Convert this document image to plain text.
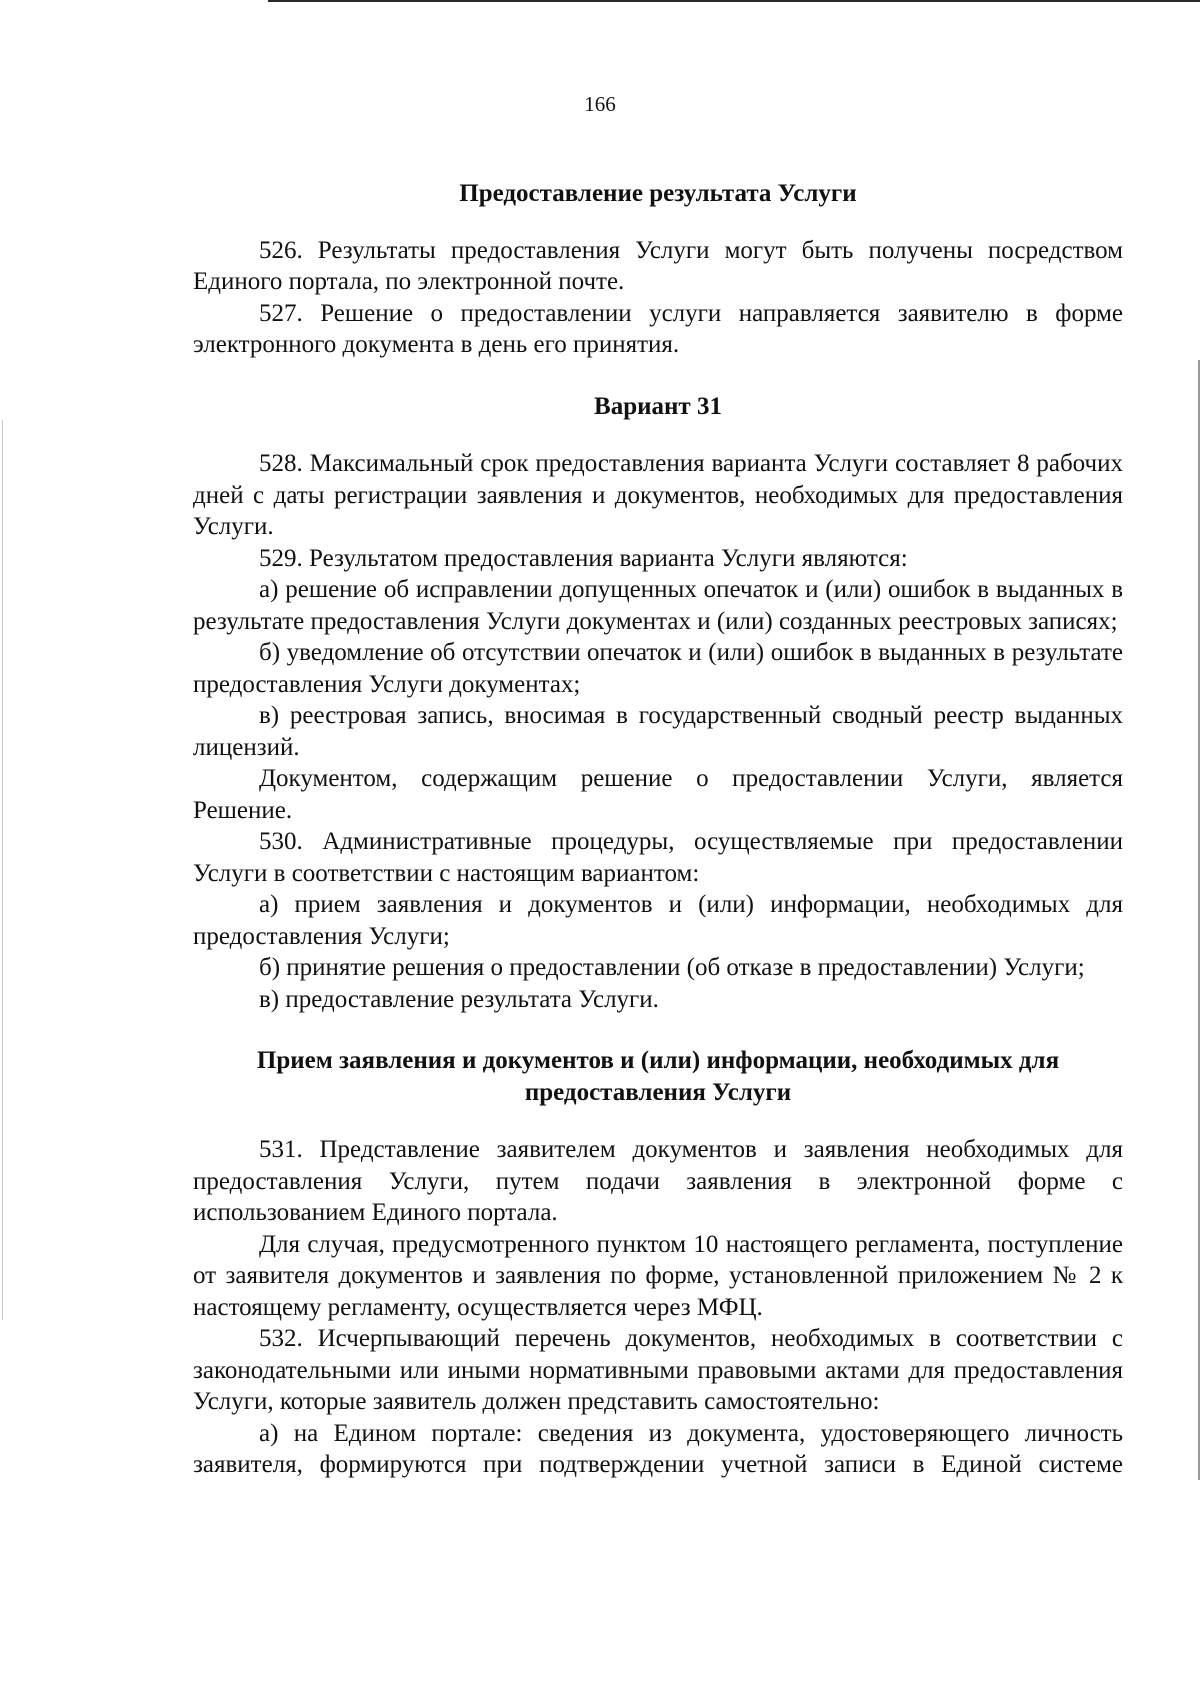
166
Предоставление результата Услуги

526. Результаты предоставления Услуги могут быть получены посредством Единого портала, по электронной почте.

527. Решение о предоставлении услуги направляется заявителю в форме электронного документа в день его принятия.

Вариант 31

528. Максимальный срок предоставления варианта Услуги составляет 8 рабочих дней с даты регистрации заявления и документов, необходимых для предоставления Услуги.

529. Результатом предоставления варианта Услуги являются:

а) решение об исправлении допущенных опечаток и (или) ошибок в выданных в результате предоставления Услуги документах и (или) созданных реестровых записях;

б) уведомление об отсутствии опечаток и (или) ошибок в выданных в результате предоставления Услуги документах;

в) реестровая запись, вносимая в государственный сводный реестр выданных лицензий.

Документом, содержащим решение о предоставлении Услуги, является Решение.

530. Административные процедуры, осуществляемые при предоставлении Услуги в соответствии с настоящим вариантом:

а) прием заявления и документов и (или) информации, необходимых для предоставления Услуги;

б) принятие решения о предоставлении (об отказе в предоставлении) Услуги;

в) предоставление результата Услуги.

Прием заявления и документов и (или) информации, необходимых для предоставления Услуги

531. Представление заявителем документов и заявления необходимых для предоставления Услуги, путем подачи заявления в электронной форме с использованием Единого портала.

Для случая, предусмотренного пунктом 10 настоящего регламента, поступление от заявителя документов и заявления по форме, установленной приложением № 2 к настоящему регламенту, осуществляется через МФЦ.

532. Исчерпывающий перечень документов, необходимых в соответствии с законодательными или иными нормативными правовыми актами для предоставления Услуги, которые заявитель должен представить самостоятельно:

а) на Едином портале: сведения из документа, удостоверяющего личность заявителя, формируются при подтверждении учетной записи в Единой системе
